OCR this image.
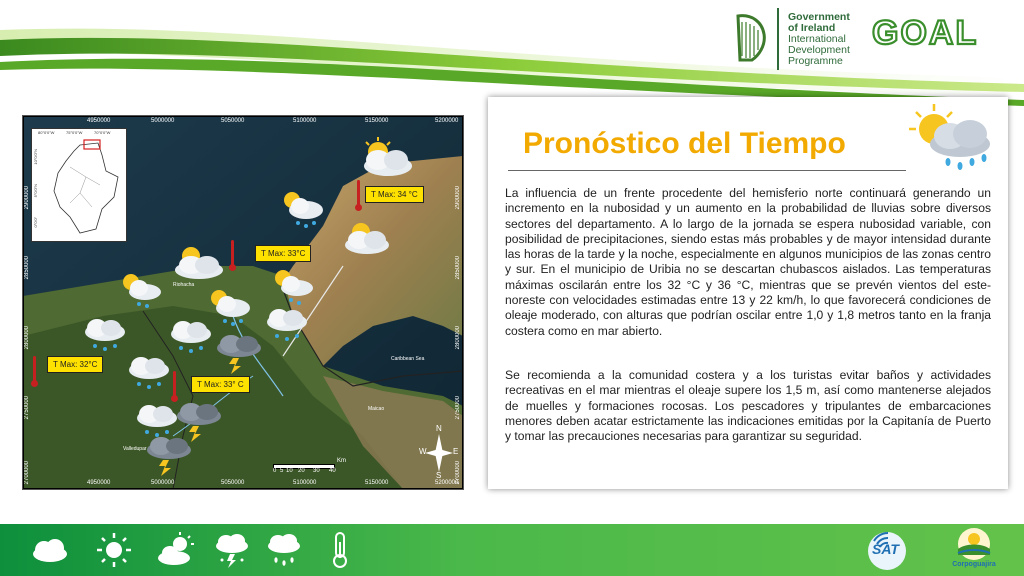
Government
of Ireland
International
Development
Programme
GOAL
4950000	5000000	5050000	5100000	5150000	5200000
4950000	5000000	5050000	5100000	5150000	5200000
2900000
2850000
2800000
2750000
2700000
2900000
2850000
2800000
2750000
2700000
80°0'0"W	75°0'0"W	70°0'0"W
10°0'0"N
5°0'0"N
0°0'0"
Riohacha
Maicao
Caribbean Sea
Valledupar
T Max: 34 °C
T Max: 33°C
T Max: 32°C
T Max: 33° C
0 5 10 20 30 40
Km
N
S
W	E
Pronóstico del Tiempo
La influencia de un frente procedente del hemisferio norte continuará generando un incremento en la nubosidad y un aumento en la probabilidad de lluvias sobre diversos sectores del departamento. A lo largo de la jornada se espera nubosidad variable, con posibilidad de precipitaciones, siendo estas más probables y de mayor intensidad durante las horas de la tarde y la noche, especialmente en algunos municipios de las zonas centro y sur. En el municipio de Uribia no se descartan chubascos aislados. Las temperaturas máximas oscilarán entre los 32 °C y 36 °C, mientras que se prevén vientos del este-noreste con velocidades estimadas entre 13 y 22 km/h, lo que favorecerá condiciones de oleaje moderado, con alturas que podrían oscilar entre 1,0 y 1,8 metros tanto en la franja costera como en mar abierto.
Se recomienda a la comunidad costera y a los turistas evitar baños y actividades recreativas en el mar mientras el oleaje supere los 1,5 m, así como mantenerse alejados de muelles y formaciones rocosas. Los pescadores y tripulantes de embarcaciones menores deben acatar estrictamente las indicaciones emitidas por la Capitanía de Puerto y tomar las precauciones necesarias para garantizar su seguridad.
SAT
Corpoguajira
